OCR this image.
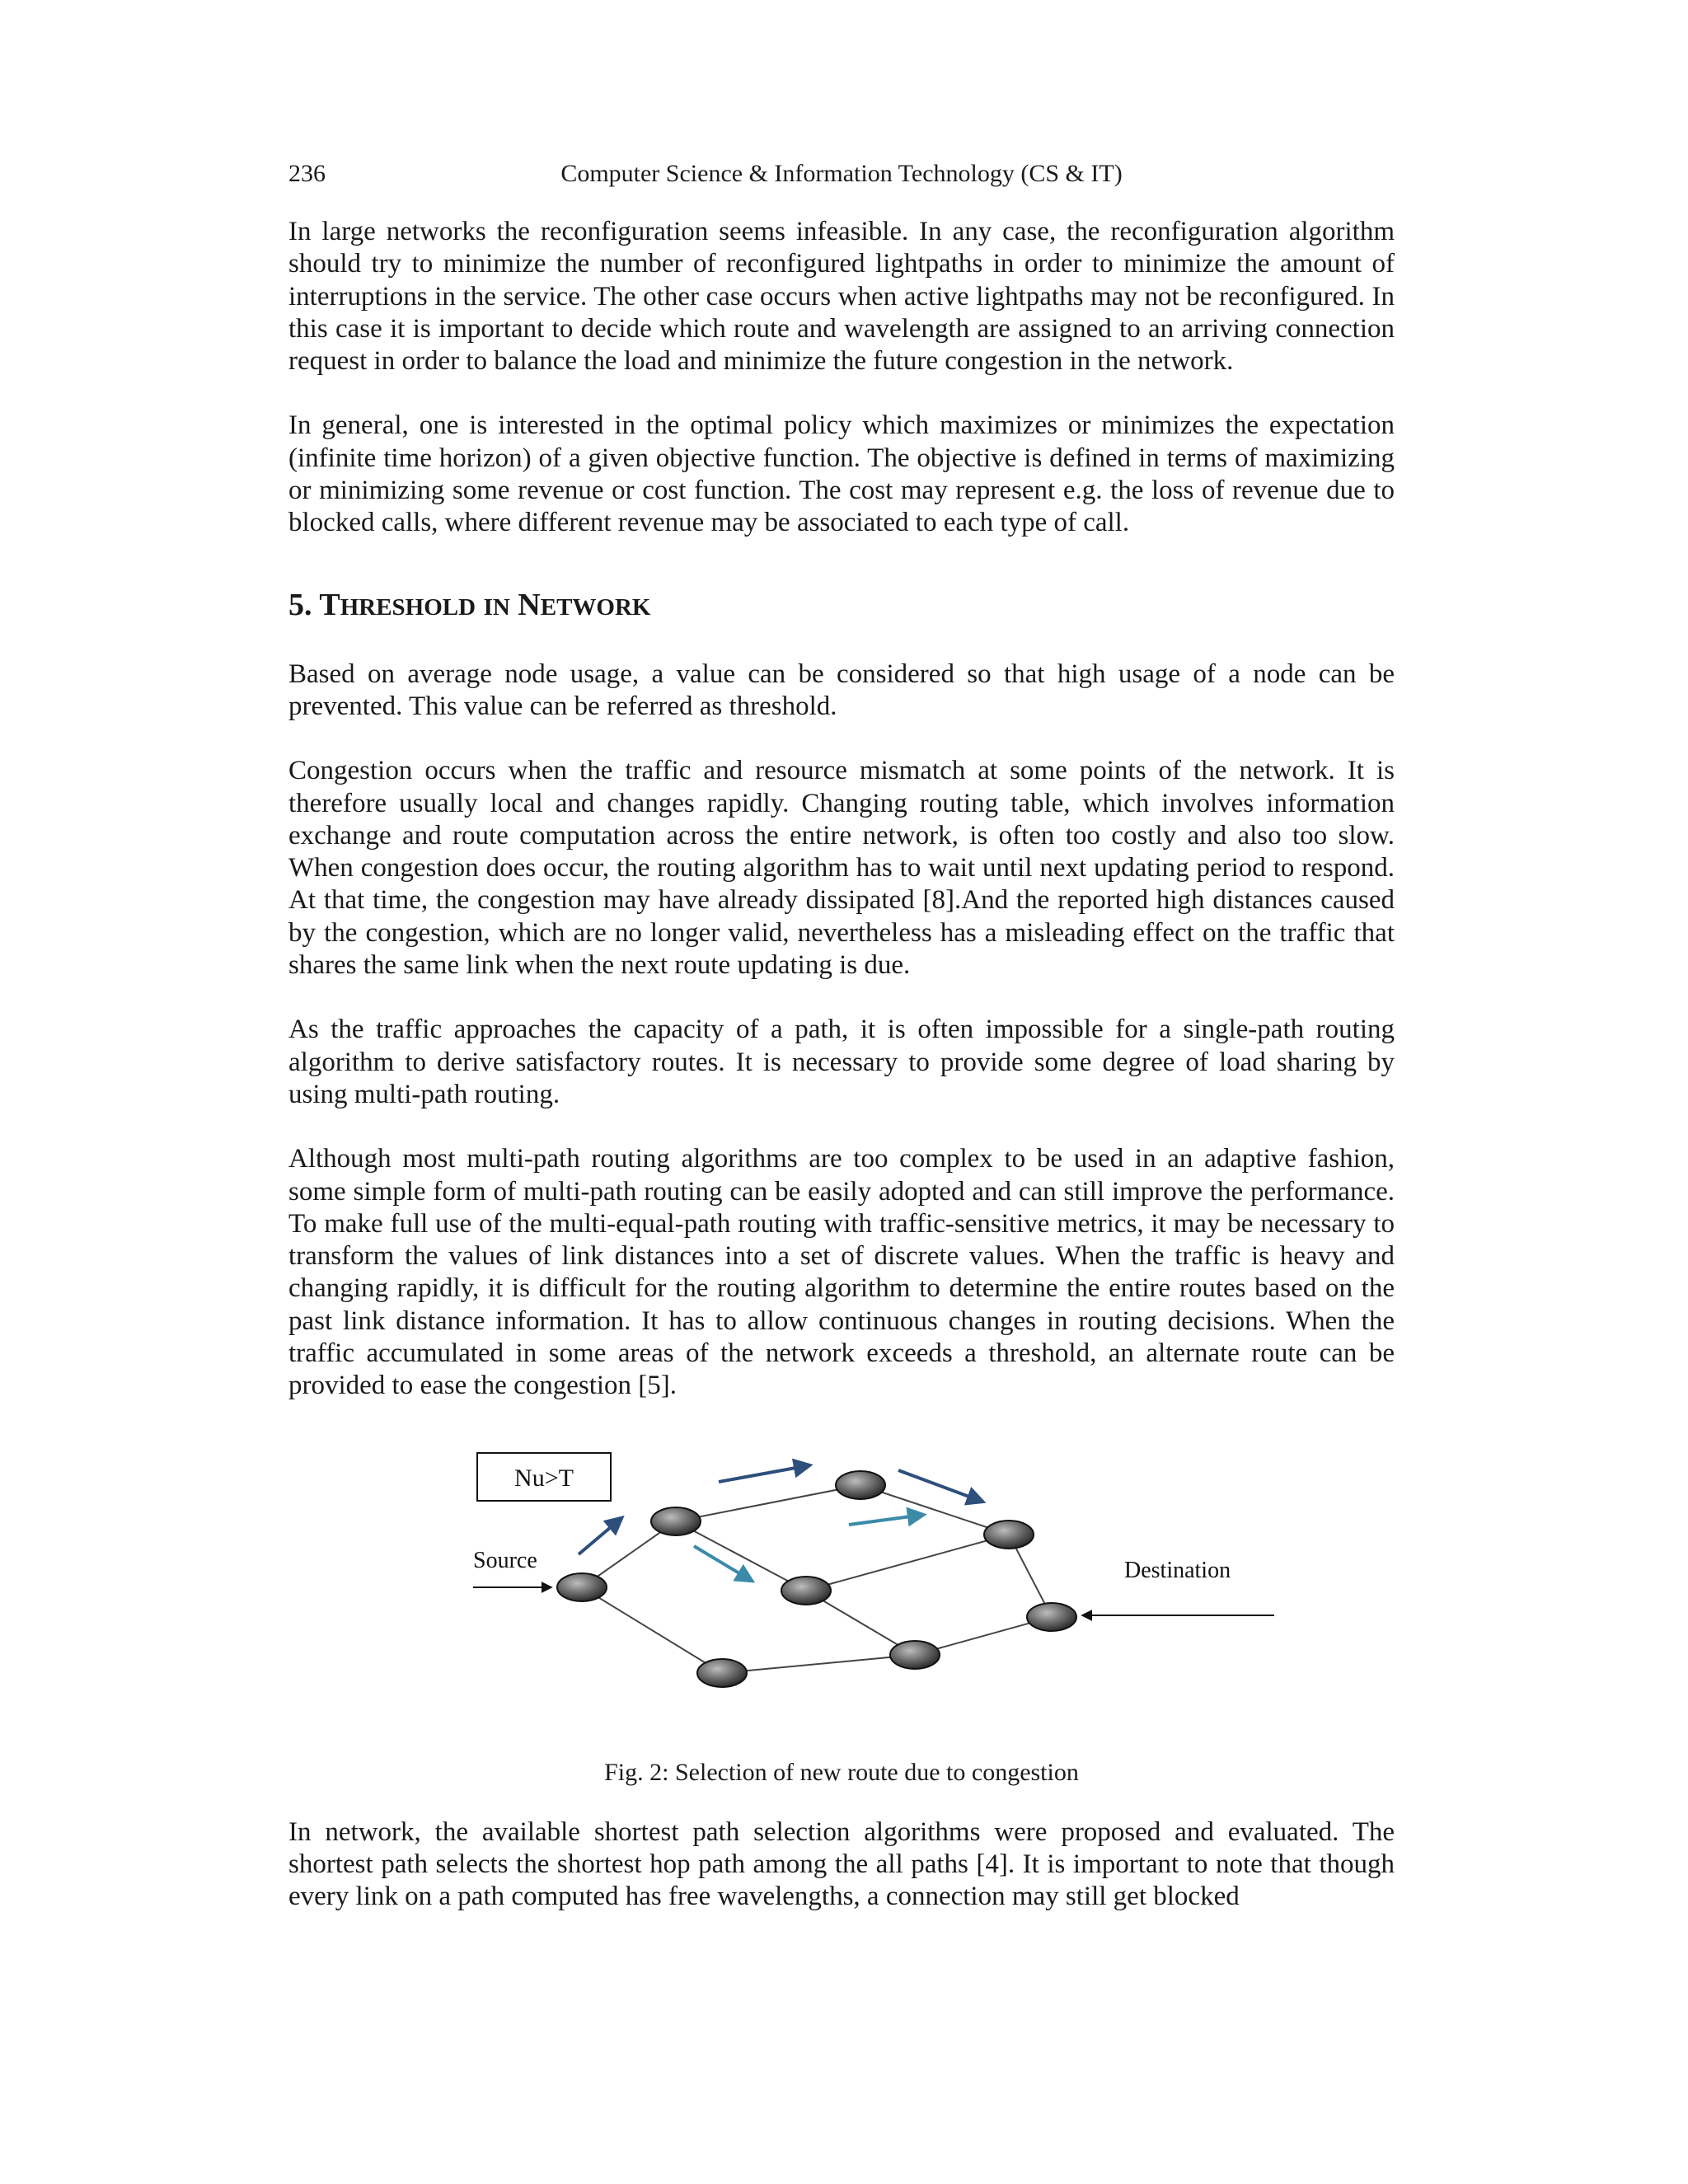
236	Computer Science & Information Technology (CS & IT)

In large networks the reconfiguration seems infeasible. In any case, the reconfiguration algorithm should try to minimize the number of reconfigured lightpaths in order to minimize the amount of interruptions in the service. The other case occurs when active lightpaths may not be reconfigured. In this case it is important to decide which route and wavelength are assigned to an arriving connection request in order to balance the load and minimize the future congestion in the network.

In general, one is interested in the optimal policy which maximizes or minimizes the expectation (infinite time horizon) of a given objective function. The objective is defined in terms of maximizing or minimizing some revenue or cost function. The cost may represent e.g. the loss of revenue due to blocked calls, where different revenue may be associated to each type of call.

5. THRESHOLD IN NETWORK

Based on average node usage, a value can be considered so that high usage of a node can be prevented. This value can be referred as threshold.

Congestion occurs when the traffic and resource mismatch at some points of the network. It is therefore usually local and changes rapidly. Changing routing table, which involves information exchange and route computation across the entire network, is often too costly and also too slow. When congestion does occur, the routing algorithm has to wait until next updating period to respond. At that time, the congestion may have already dissipated [8].And the reported high distances caused by the congestion, which are no longer valid, nevertheless has a misleading effect on the traffic that shares the same link when the next route updating is due.

As the traffic approaches the capacity of a path, it is often impossible for a single-path routing algorithm to derive satisfactory routes. It is necessary to provide some degree of load sharing by using multi-path routing.

Although most multi-path routing algorithms are too complex to be used in an adaptive fashion, some simple form of multi-path routing can be easily adopted and can still improve the performance. To make full use of the multi-equal-path routing with traffic-sensitive metrics, it may be necessary to transform the values of link distances into a set of discrete values. When the traffic is heavy and changing rapidly, it is difficult for the routing algorithm to determine the entire routes based on the past link distance information. It has to allow continuous changes in routing decisions. When the traffic accumulated in some areas of the network exceeds a threshold, an alternate route can be provided to ease the congestion [5].

Nu>T
Source	Destination
Fig. 2: Selection of new route due to congestion

In network, the available shortest path selection algorithms were proposed and evaluated. The shortest path selects the shortest hop path among the all paths [4]. It is important to note that though every link on a path computed has free wavelengths, a connection may still get blocked
